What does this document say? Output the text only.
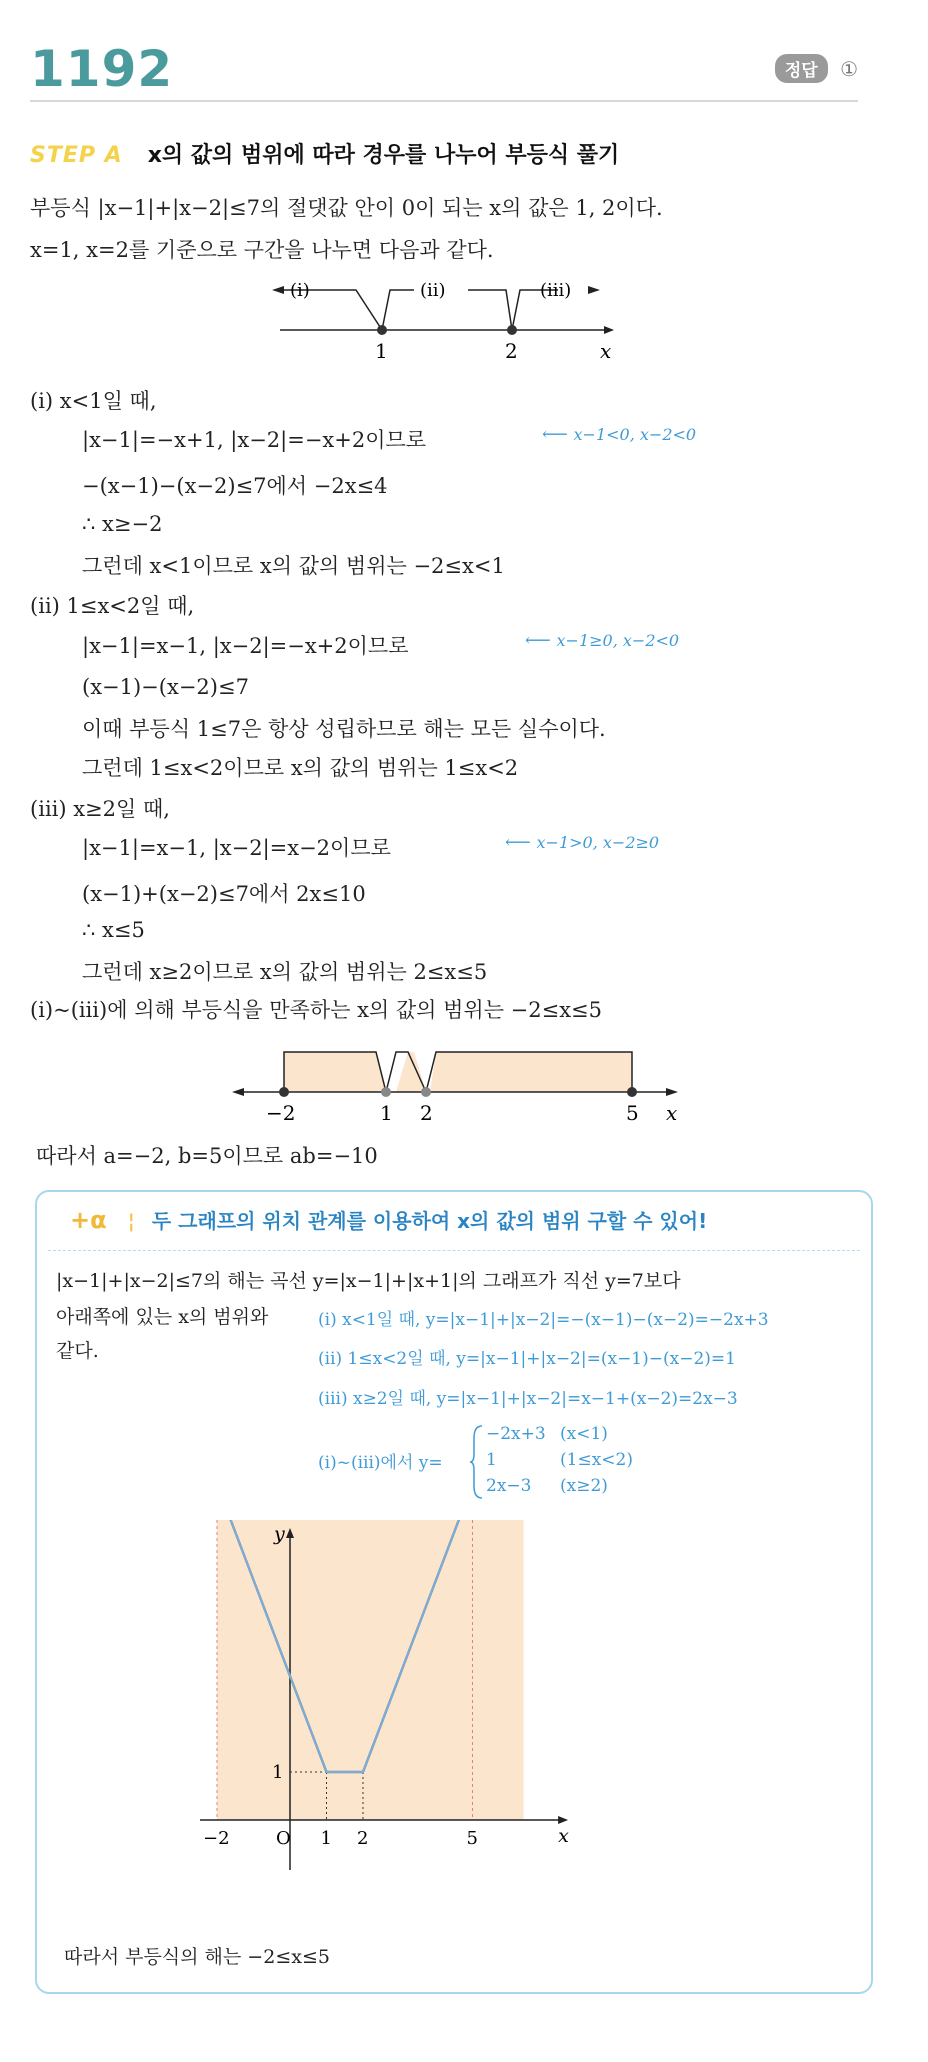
1192	정답 ①
STEP A x의 값의 범위에 따라 경우를 나누어 부등식 풀기
부등식 |x−1|+|x−2|≤7의 절댓값 안이 0이 되는 x의 값은 1, 2이다.
x=1, x=2를 기준으로 구간을 나누면 다음과 같다.
(ⅰ)	(ⅱ)	(ⅲ)
1	2	x
(ⅰ) x<1일 때,
|x−1|=−x+1, |x−2|=−x+2이므로	⟵ x−1<0, x−2<0
−(x−1)−(x−2)≤7에서 −2x≤4
∴ x≥−2
그런데 x<1이므로 x의 값의 범위는 −2≤x<1
(ⅱ) 1≤x<2일 때,
|x−1|=x−1, |x−2|=−x+2이므로	⟵ x−1≥0, x−2<0
(x−1)−(x−2)≤7
이때 부등식 1≤7은 항상 성립하므로 해는 모든 실수이다.
그런데 1≤x<2이므로 x의 값의 범위는 1≤x<2
(ⅲ) x≥2일 때,
|x−1|=x−1, |x−2|=x−2이므로	⟵ x−1>0, x−2≥0
(x−1)+(x−2)≤7에서 2x≤10
∴ x≤5
그런데 x≥2이므로 x의 값의 범위는 2≤x≤5
(ⅰ)~(ⅲ)에 의해 부등식을 만족하는 x의 값의 범위는 −2≤x≤5
−2	1 2	5 x
따라서 a=−2, b=5이므로 ab=−10
+α ¦ 두 그래프의 위치 관계를 이용하여 x의 값의 범위 구할 수 있어!
|x−1|+|x−2|≤7의 해는 곡선 y=|x−1|+|x+1|의 그래프가 직선 y=7보다
아래쪽에 있는 x의 범위와
같다.
(ⅰ) x<1일 때, y=|x−1|+|x−2|=−(x−1)−(x−2)=−2x+3
(ⅱ) 1≤x<2일 때, y=|x−1|+|x−2|=(x−1)−(x−2)=1
(ⅲ) x≥2일 때, y=|x−1|+|x−2|=x−1+(x−2)=2x−3
(ⅰ)~(ⅲ)에서 y=
−2x+3 (x<1)
1	(1≤x<2)
2x−3 (x≥2)
−2	1 2	5
1
x
y
O
따라서 부등식의 해는 −2≤x≤5
